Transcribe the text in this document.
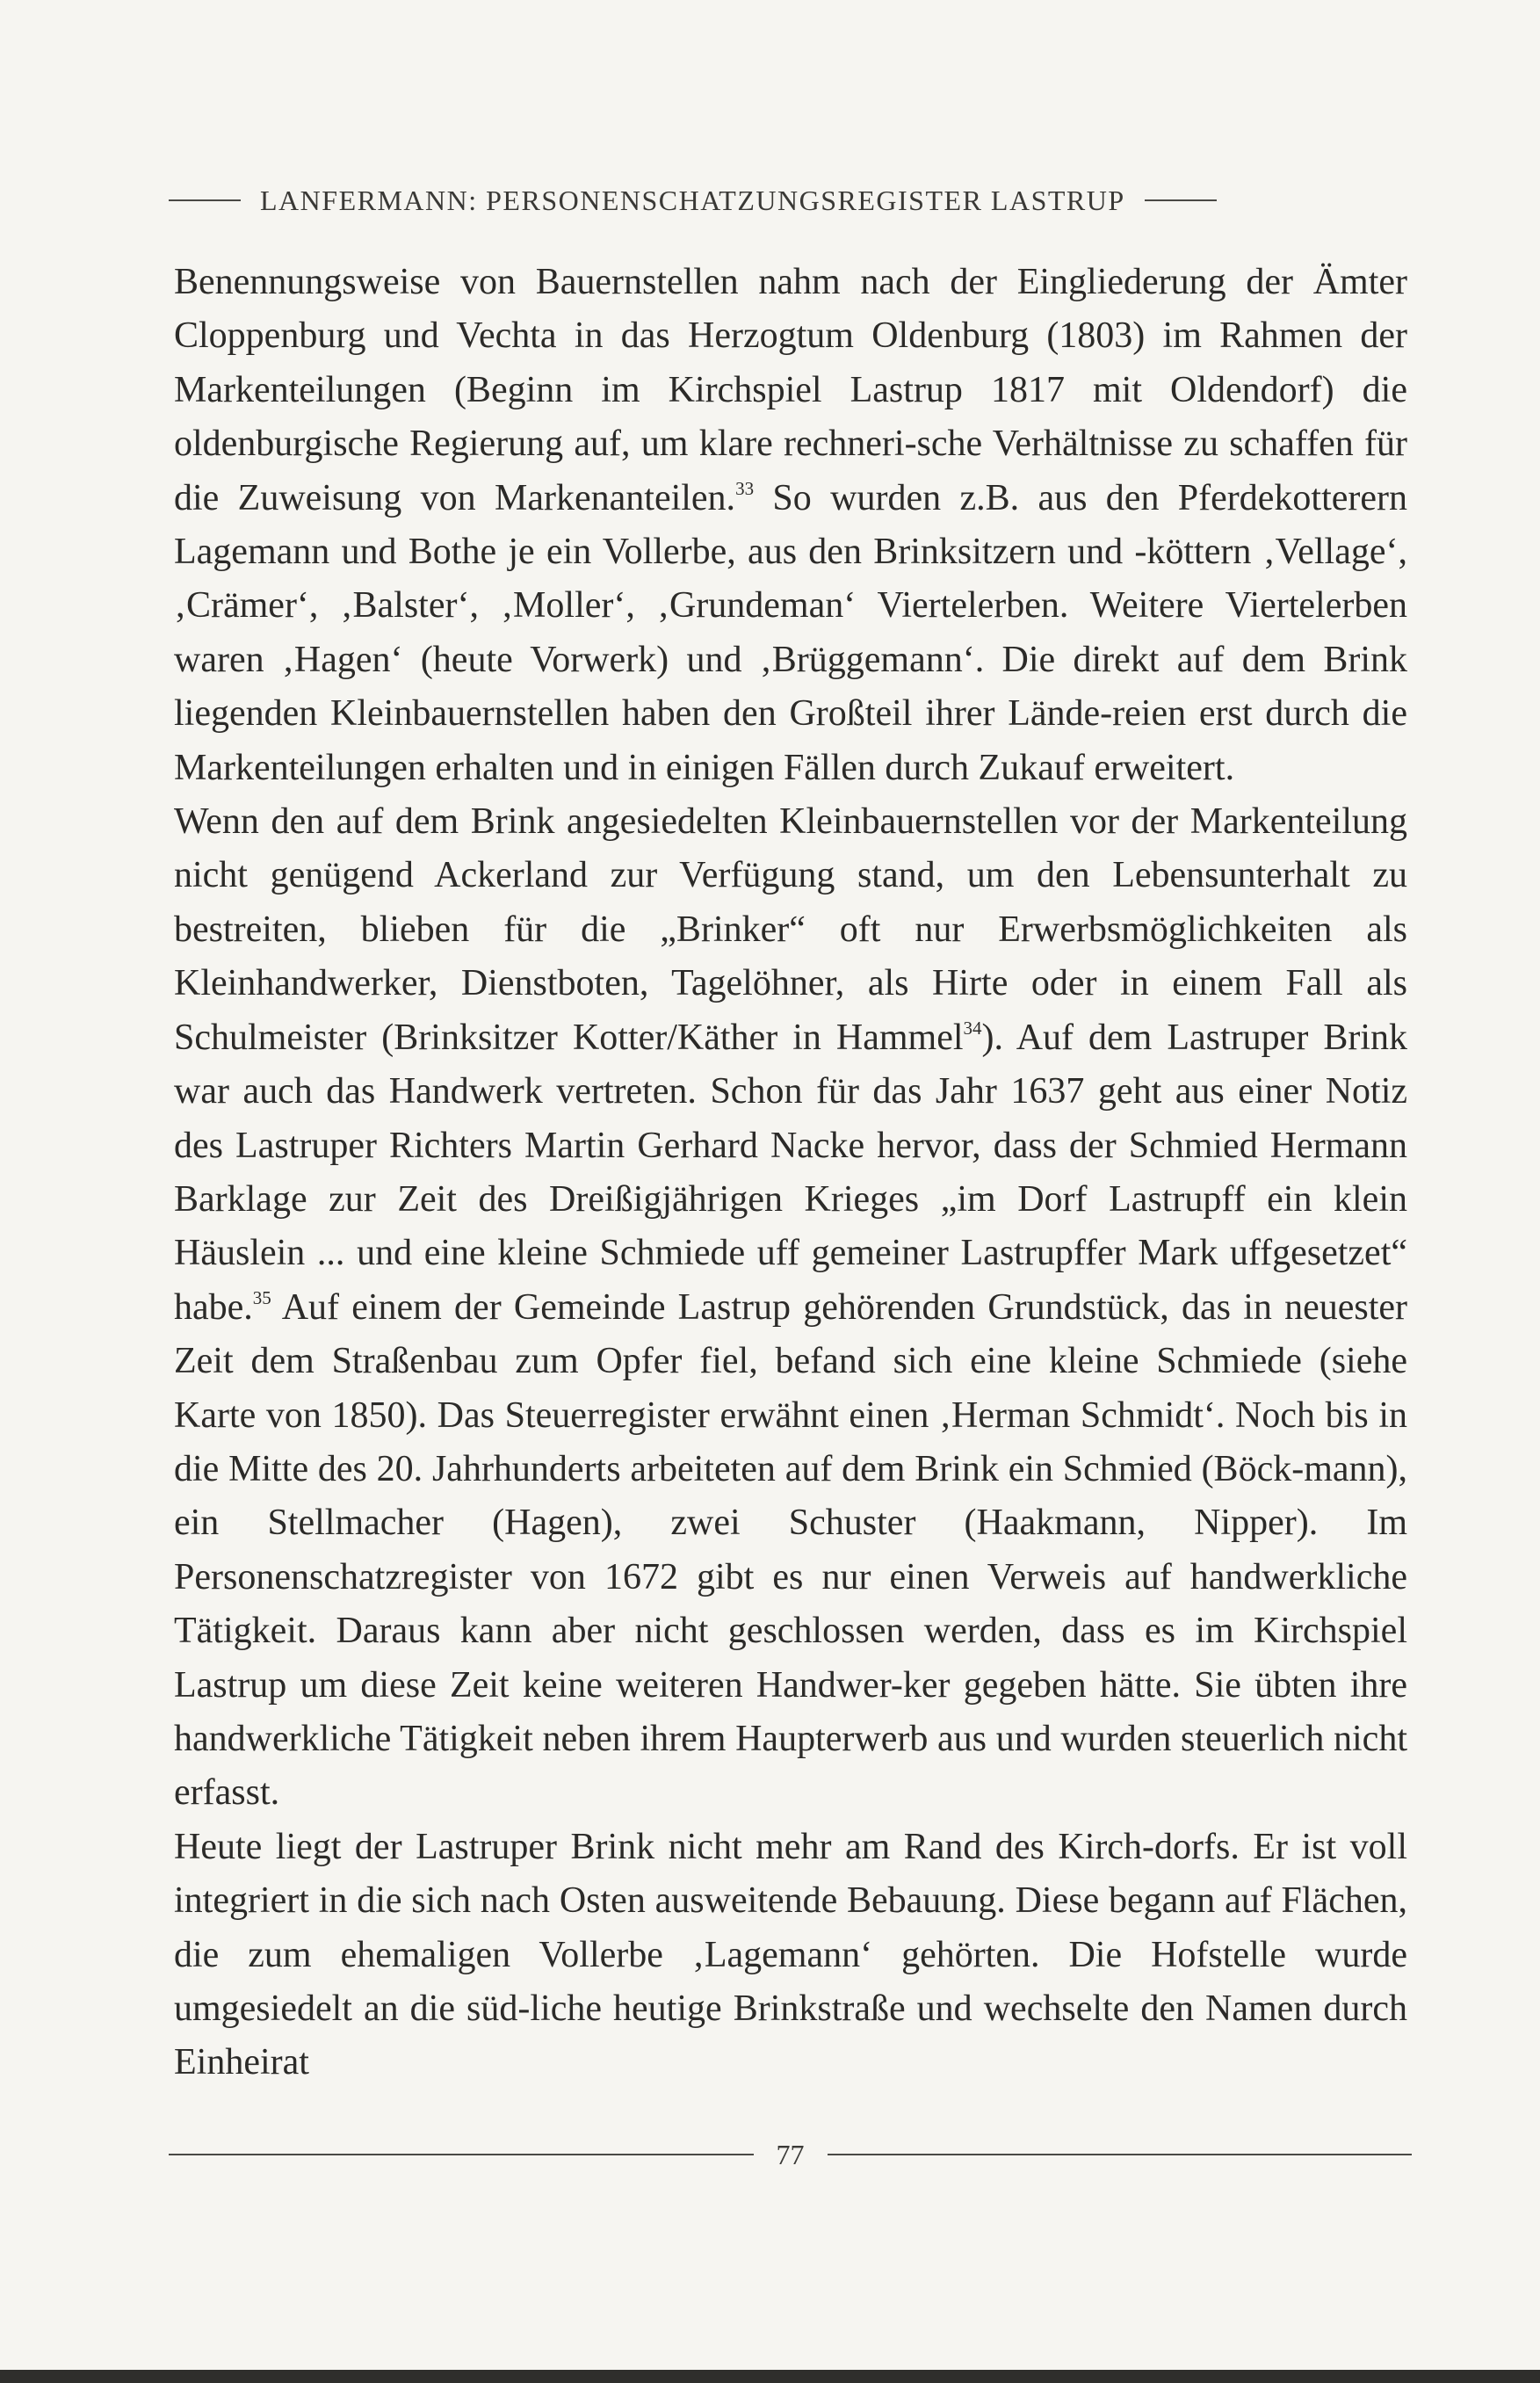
LANFERMANN: PERSONENSCHATZUNGSREGISTER LASTRUP

Benennungsweise von Bauernstellen nahm nach der Eingliederung der Ämter Cloppenburg und Vechta in das Herzogtum Oldenburg (1803) im Rahmen der Markenteilungen (Beginn im Kirchspiel Lastrup 1817 mit Oldendorf) die oldenburgische Regierung auf, um klare rechneri-sche Verhältnisse zu schaffen für die Zuweisung von Markenanteilen.$^{33}$ So wurden z.B. aus den Pferdekotterern Lagemann und Bothe je ein Vollerbe, aus den Brinksitzern und -köttern ‚Vellage‘, ‚Crämer‘, ‚Balster‘, ‚Moller‘, ‚Grundeman‘ Viertelerben. Weitere Viertelerben waren ‚Hagen‘ (heute Vorwerk) und ‚Brüggemann‘. Die direkt auf dem Brink liegenden Kleinbauernstellen haben den Großteil ihrer Lände-reien erst durch die Markenteilungen erhalten und in einigen Fällen durch Zukauf erweitert.

Wenn den auf dem Brink angesiedelten Kleinbauernstellen vor der Markenteilung nicht genügend Ackerland zur Verfügung stand, um den Lebensunterhalt zu bestreiten, blieben für die „Brinker“ oft nur Erwerbsmöglichkeiten als Kleinhandwerker, Dienstboten, Tagelöhner, als Hirte oder in einem Fall als Schulmeister (Brinksitzer Kotter/Käther in Hammel$^{34}$). Auf dem Lastruper Brink war auch das Handwerk vertreten. Schon für das Jahr 1637 geht aus einer Notiz des Lastruper Richters Martin Gerhard Nacke hervor, dass der Schmied Hermann Barklage zur Zeit des Dreißigjährigen Krieges „im Dorf Lastrupff ein klein Häuslein ... und eine kleine Schmiede uff gemeiner Lastrupffer Mark uffgesetzet“ habe.$^{35}$ Auf einem der Gemeinde Lastrup gehörenden Grundstück, das in neuester Zeit dem Straßenbau zum Opfer fiel, befand sich eine kleine Schmiede (siehe Karte von 1850). Das Steuerregister erwähnt einen ‚Herman Schmidt‘. Noch bis in die Mitte des 20. Jahrhunderts arbeiteten auf dem Brink ein Schmied (Böck-mann), ein Stellmacher (Hagen), zwei Schuster (Haakmann, Nipper). Im Personenschatzregister von 1672 gibt es nur einen Verweis auf handwerkliche Tätigkeit. Daraus kann aber nicht geschlossen werden, dass es im Kirchspiel Lastrup um diese Zeit keine weiteren Handwer-ker gegeben hätte. Sie übten ihre handwerkliche Tätigkeit neben ihrem Haupterwerb aus und wurden steuerlich nicht erfasst.

Heute liegt der Lastruper Brink nicht mehr am Rand des Kirch-dorfs. Er ist voll integriert in die sich nach Osten ausweitende Bebauung. Diese begann auf Flächen, die zum ehemaligen Vollerbe ‚Lagemann‘ gehörten. Die Hofstelle wurde umgesiedelt an die süd-liche heutige Brinkstraße und wechselte den Namen durch Einheirat

77
